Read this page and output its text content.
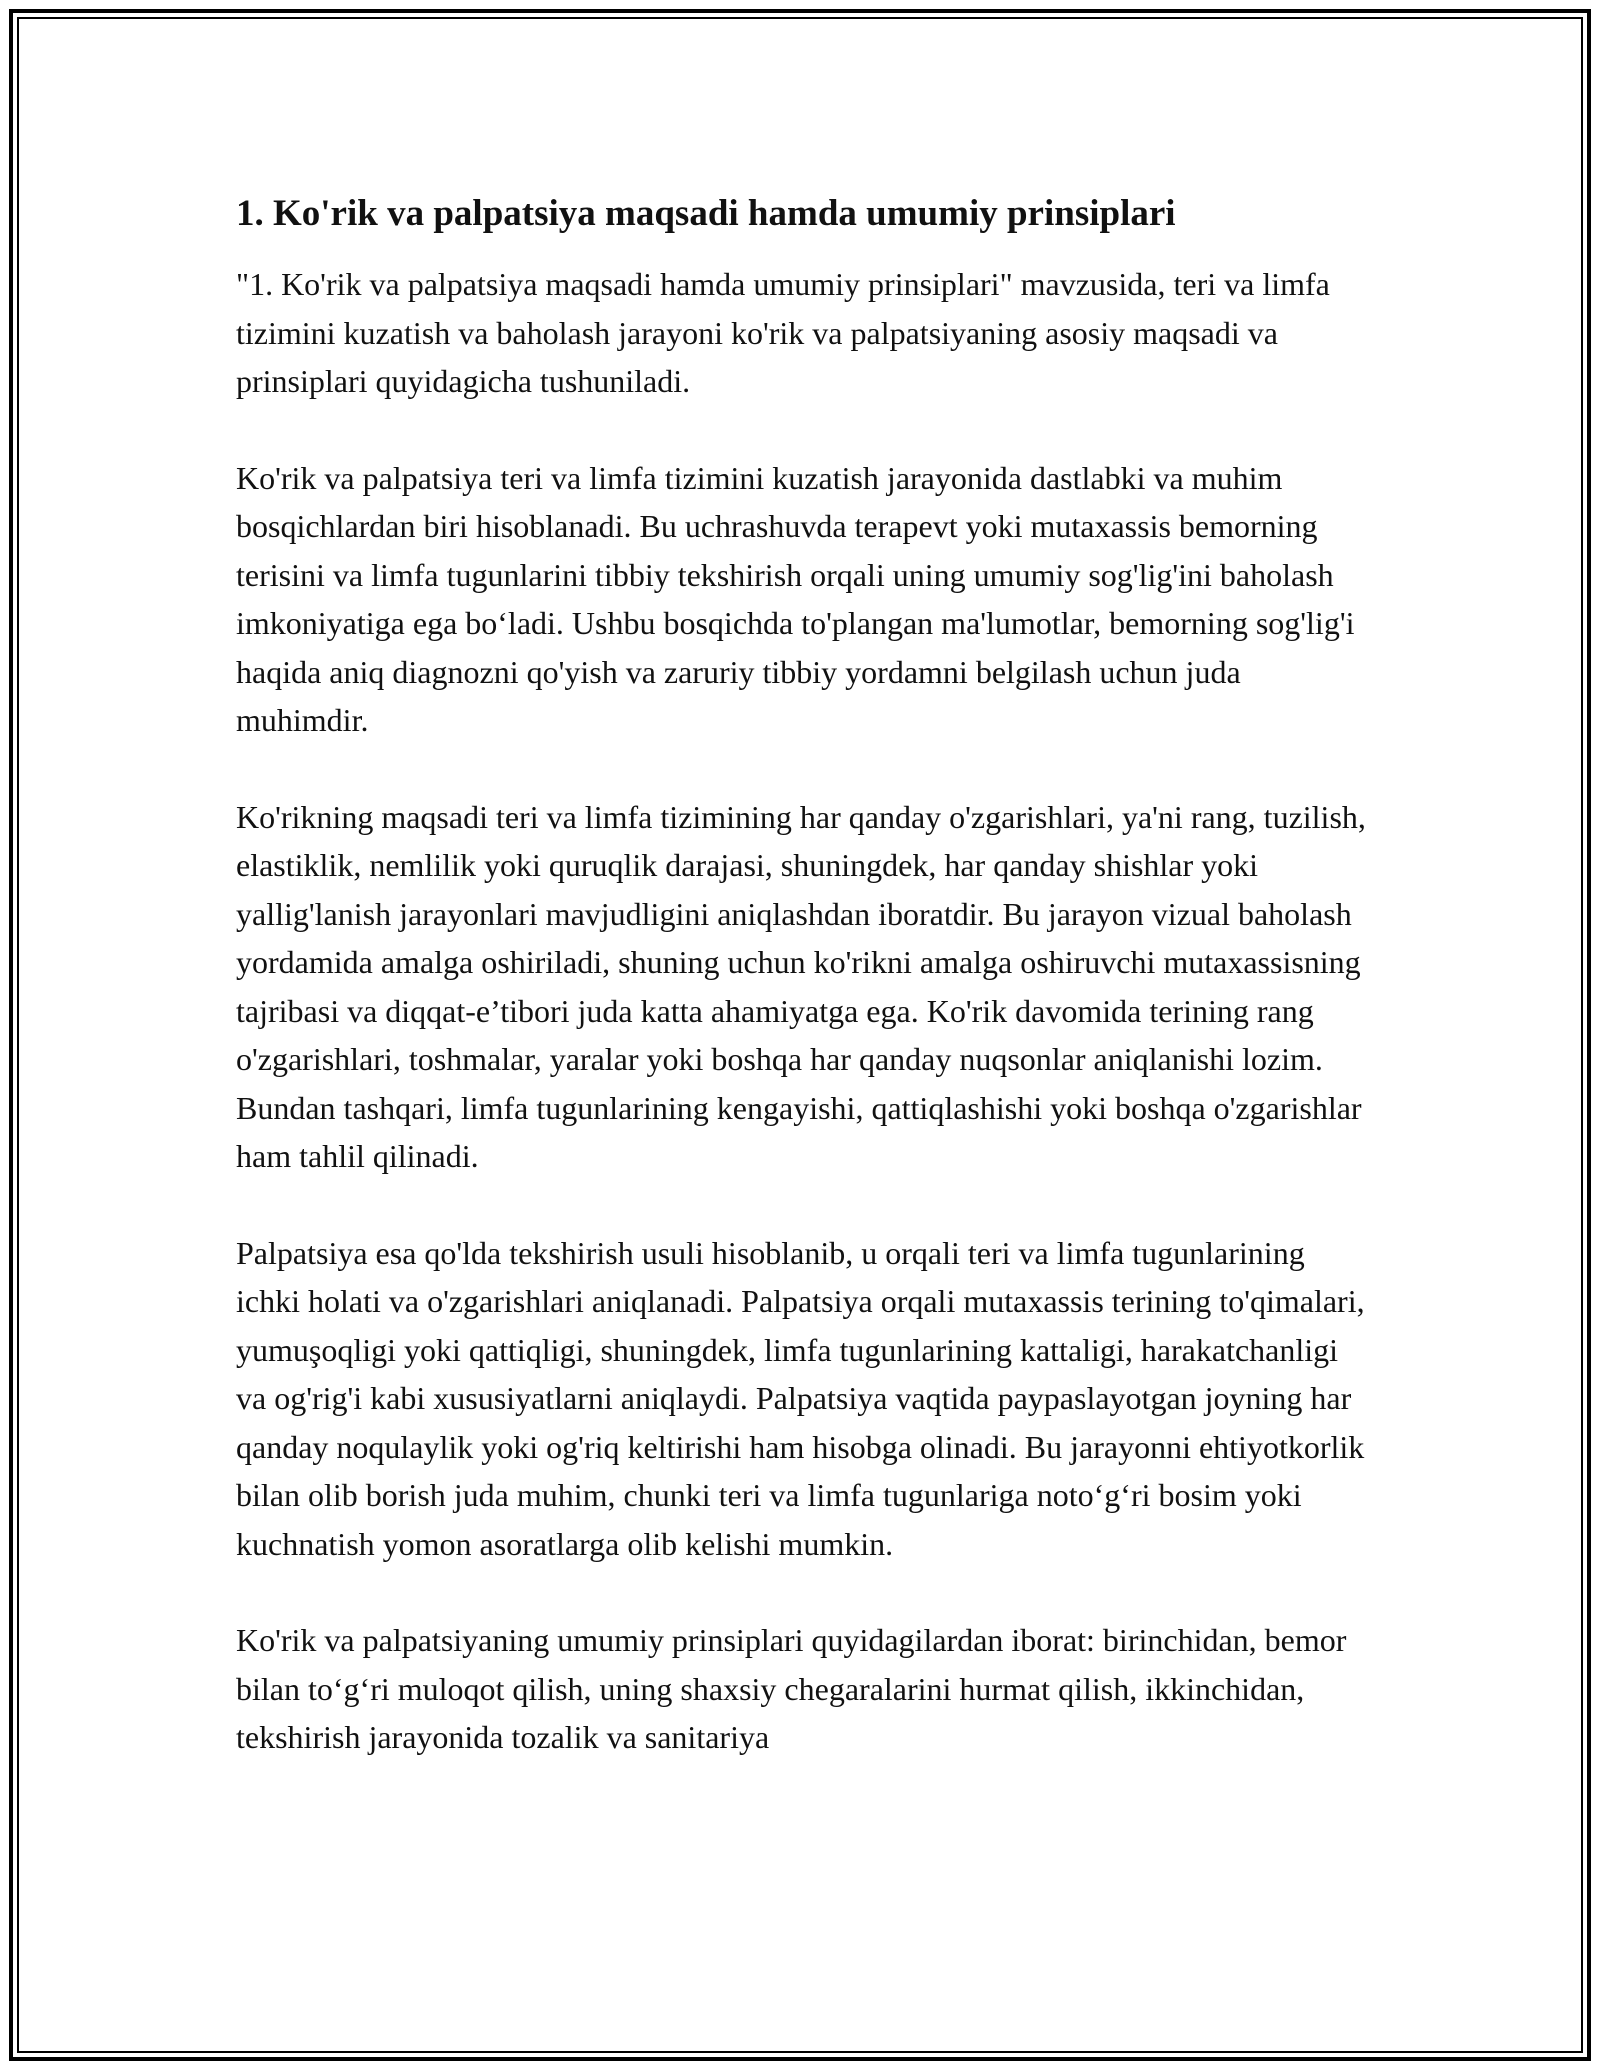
1. Ko'rik va palpatsiya maqsadi hamda umumiy prinsiplari

"1. Ko'rik va palpatsiya maqsadi hamda umumiy prinsiplari" mavzusida, teri va limfa tizimini kuzatish va baholash jarayoni ko'rik va palpatsiyaning asosiy maqsadi va prinsiplari quyidagicha tushuniladi.

Ko'rik va palpatsiya teri va limfa tizimini kuzatish jarayonida dastlabki va muhim bosqichlardan biri hisoblanadi. Bu uchrashuvda terapevt yoki mutaxassis bemorning terisini va limfa tugunlarini tibbiy tekshirish orqali uning umumiy sog'lig'ini baholash imkoniyatiga ega bo‘ladi. Ushbu bosqichda to'plangan ma'lumotlar, bemorning sog'lig'i haqida aniq diagnozni qo'yish va zaruriy tibbiy yordamni belgilash uchun juda muhimdir.

Ko'rikning maqsadi teri va limfa tizimining har qanday o'zgarishlari, ya'ni rang, tuzilish, elastiklik, nemlilik yoki quruqlik darajasi, shuningdek, har qanday shishlar yoki yallig'lanish jarayonlari mavjudligini aniqlashdan iboratdir. Bu jarayon vizual baholash yordamida amalga oshiriladi, shuning uchun ko'rikni amalga oshiruvchi mutaxassisning tajribasi va diqqat-e’tibori juda katta ahamiyatga ega. Ko'rik davomida terining rang o'zgarishlari, toshmalar, yaralar yoki boshqa har qanday nuqsonlar aniqlanishi lozim. Bundan tashqari, limfa tugunlarining kengayishi, qattiqlashishi yoki boshqa o'zgarishlar ham tahlil qilinadi.

Palpatsiya esa qo'lda tekshirish usuli hisoblanib, u orqali teri va limfa tugunlarining ichki holati va o'zgarishlari aniqlanadi. Palpatsiya orqali mutaxassis terining to'qimalari, yumuşoqligi yoki qattiqligi, shuningdek, limfa tugunlarining kattaligi, harakatchanligi va og'rig'i kabi xususiyatlarni aniqlaydi. Palpatsiya vaqtida paypaslayotgan joyning har qanday noqulaylik yoki og'riq keltirishi ham hisobga olinadi. Bu jarayonni ehtiyotkorlik bilan olib borish juda muhim, chunki teri va limfa tugunlariga noto‘g‘ri bosim yoki kuchnatish yomon asoratlarga olib kelishi mumkin.

Ko'rik va palpatsiyaning umumiy prinsiplari quyidagilardan iborat: birinchidan, bemor bilan to‘g‘ri muloqot qilish, uning shaxsiy chegaralarini hurmat qilish, ikkinchidan, tekshirish jarayonida tozalik va sanitariya
